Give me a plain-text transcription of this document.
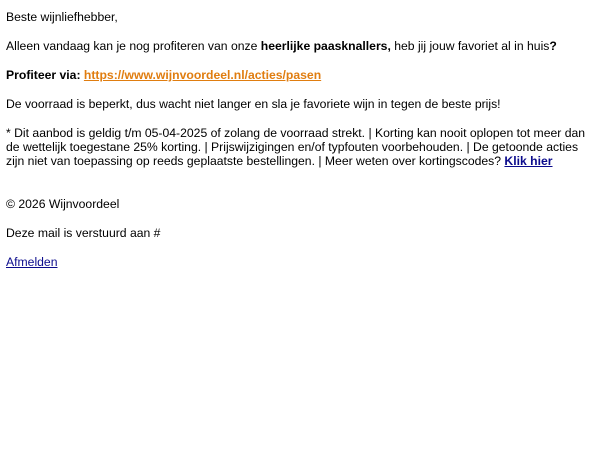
Beste wijnliefhebber,

Alleen vandaag kan je nog profiteren van onze heerlijke paasknallers, heb jij jouw favoriet al in huis?

Profiteer via: https://www.wijnvoordeel.nl/acties/pasen

De voorraad is beperkt, dus wacht niet langer en sla je favoriete wijn in tegen de beste prijs!

* Dit aanbod is geldig t/m 05-04-2025 of zolang de voorraad strekt. | Korting kan nooit oplopen tot meer dan de wettelijk toegestane 25% korting. | Prijswijzigingen en/of typfouten voorbehouden. | De getoonde acties zijn niet van toepassing op reeds geplaatste bestellingen. | Meer weten over kortingscodes? Klik hier

© 2026 Wijnvoordeel

Deze mail is verstuurd aan #

Afmelden
